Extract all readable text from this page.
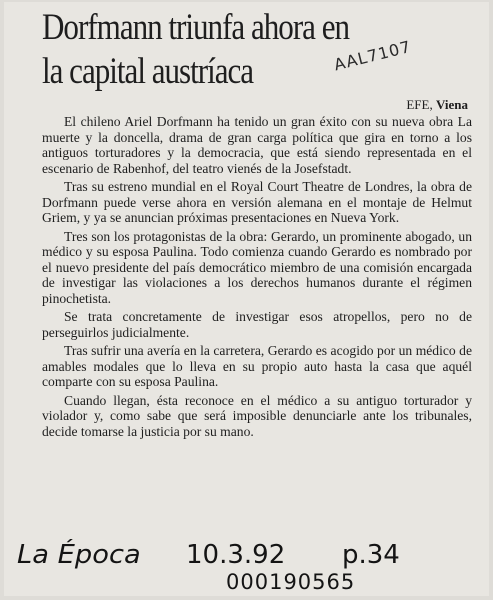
Dorfmann triunfa ahora en
la capital austríaca	AAL7107
EFE, Viena

El chileno Ariel Dorfmann ha tenido un gran éxito con su nueva obra La muerte y la doncella, drama de gran carga política que gira en torno a los antiguos torturadores y la democracia, que está siendo representada en el escenario de Rabenhof, del teatro vienés de la Josefstadt.

Tras su estreno mundial en el Royal Court Theatre de Londres, la obra de Dorfmann puede verse ahora en versión alemana en el montaje de Helmut Griem, y ya se anuncian próximas presentaciones en Nueva York.

Tres son los protagonistas de la obra: Gerardo, un prominente abogado, un médico y su esposa Paulina. Todo comienza cuando Gerardo es nombrado por el nuevo presidente del país democrático miembro de una comisión encargada de investigar las violaciones a los derechos humanos durante el régimen pinochetista.

Se trata concretamente de investigar esos atropellos, pero no de perseguirlos judicialmente.

Tras sufrir una avería en la carretera, Gerardo es acogido por un médico de amables modales que lo lleva en su propio auto hasta la casa que aquél comparte con su esposa Paulina.

Cuando llegan, ésta reconoce en el médico a su antiguo torturador y violador y, como sabe que será imposible denunciarle ante los tribunales, decide tomarse la justicia por su mano.

La Época 10.3.92 p.34
000190565
